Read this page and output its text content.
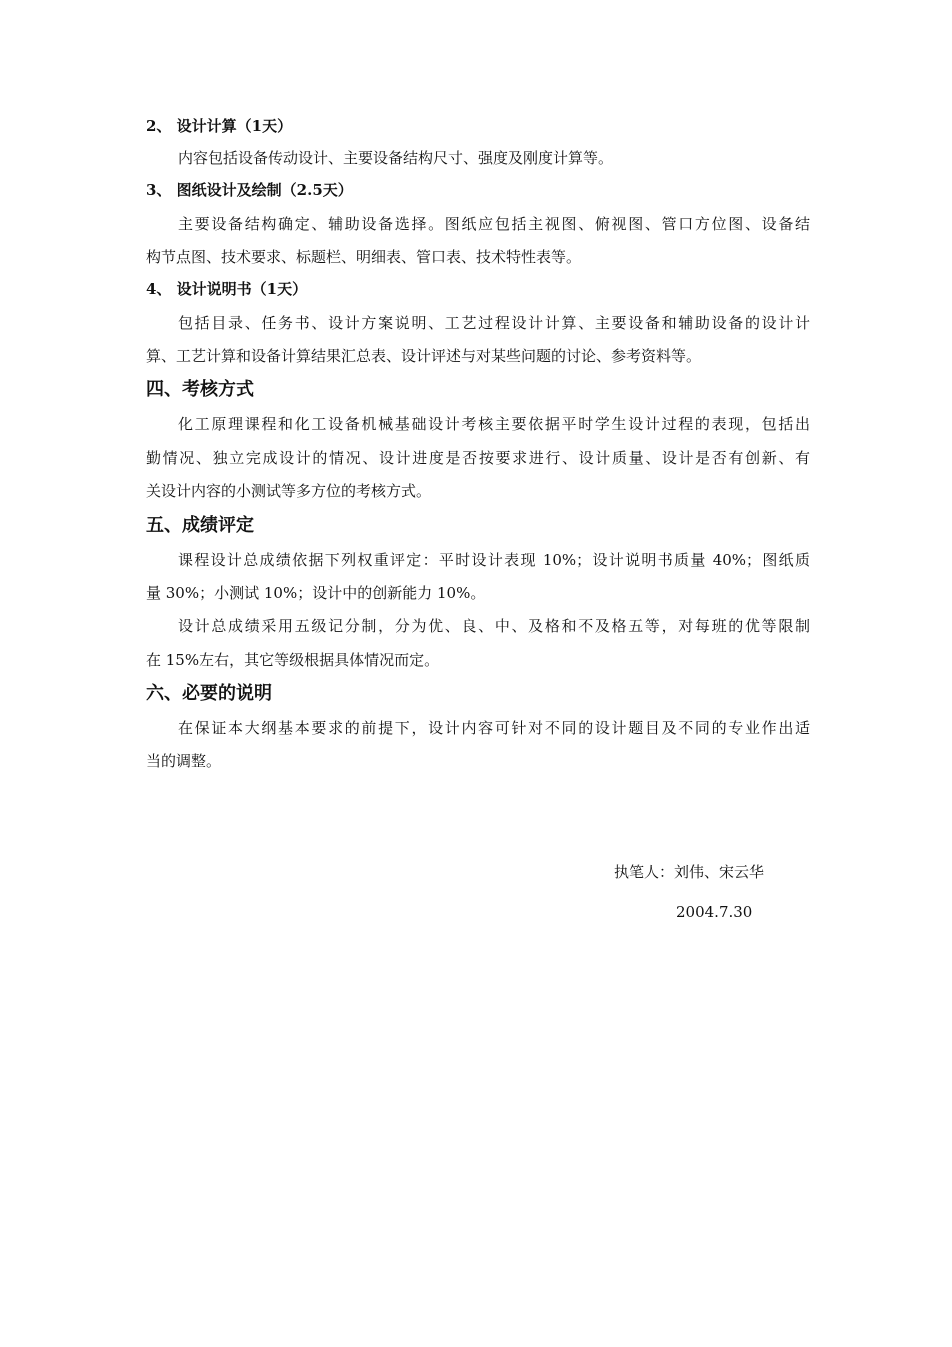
2、 设计计算（1天）
内容包括设备传动设计、主要设备结构尺寸、强度及刚度计算等。
3、 图纸设计及绘制（2.5天）
主要设备结构确定、辅助设备选择。图纸应包括主视图、俯视图、管口方位图、设备结
构节点图、技术要求、标题栏、明细表、管口表、技术特性表等。
4、 设计说明书（1天）
包括目录、任务书、设计方案说明、工艺过程设计计算、主要设备和辅助设备的设计计
算、工艺计算和设备计算结果汇总表、设计评述与对某些问题的讨论、参考资料等。
四、考核方式
化工原理课程和化工设备机械基础设计考核主要依据平时学生设计过程的表现，包括出
勤情况、独立完成设计的情况、设计进度是否按要求进行、设计质量、设计是否有创新、有
关设计内容的小测试等多方位的考核方式。
五、成绩评定
课程设计总成绩依据下列权重评定：平时设计表现 10%；设计说明书质量 40%；图纸质
量 30%；小测试 10%；设计中的创新能力 10%。
设计总成绩采用五级记分制，分为优、良、中、及格和不及格五等，对每班的优等限制
在 15%左右，其它等级根据具体情况而定。
六、必要的说明
在保证本大纲基本要求的前提下，设计内容可针对不同的设计题目及不同的专业作出适
当的调整。
执笔人：刘伟、宋云华
2004.7.30
